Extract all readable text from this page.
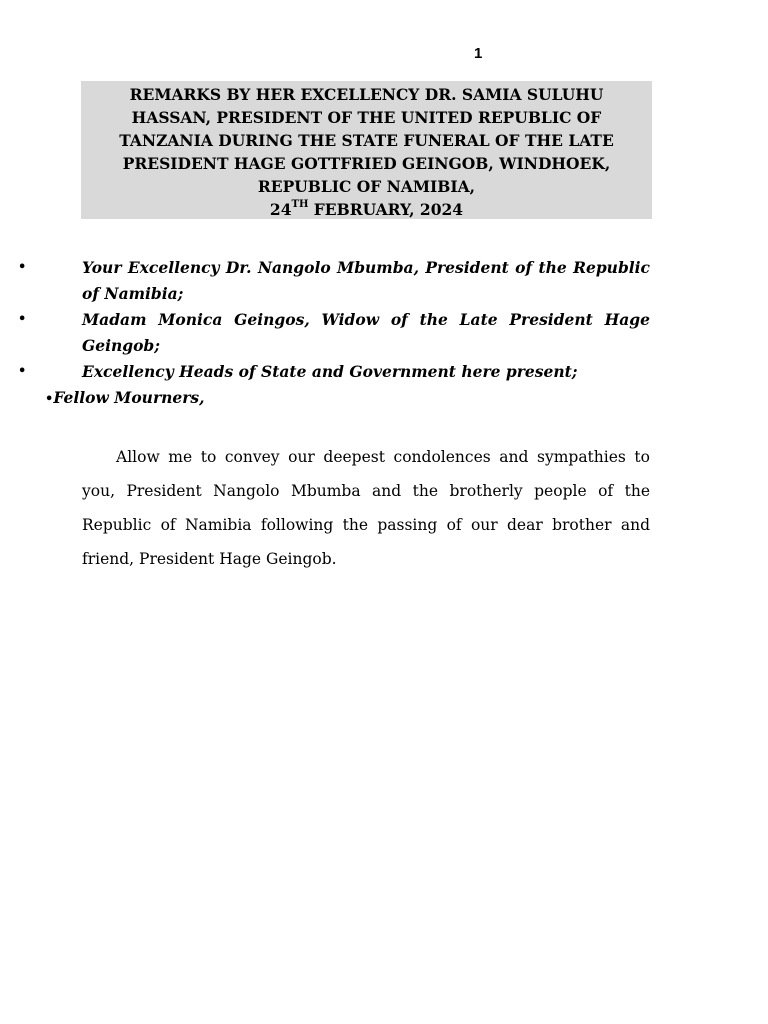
1
REMARKS BY HER EXCELLENCY DR. SAMIA SULUHU
HASSAN, PRESIDENT OF THE UNITED REPUBLIC OF
TANZANIA DURING THE STATE FUNERAL OF THE LATE
PRESIDENT HAGE GOTTFRIED GEINGOB, WINDHOEK,
REPUBLIC OF NAMIBIA,
24TH FEBRUARY, 2024
•	Your Excellency Dr. Nangolo Mbumba, President of the Republic of Namibia;
•	Madam Monica Geingos, Widow of the Late President Hage Geingob;
•	Excellency Heads of State and Government here present;
•Fellow Mourners,

Allow me to convey our deepest condolences and sympathies to you, President Nangolo Mbumba and the brotherly people of the Republic of Namibia following the passing of our dear brother and friend, President Hage Geingob.
